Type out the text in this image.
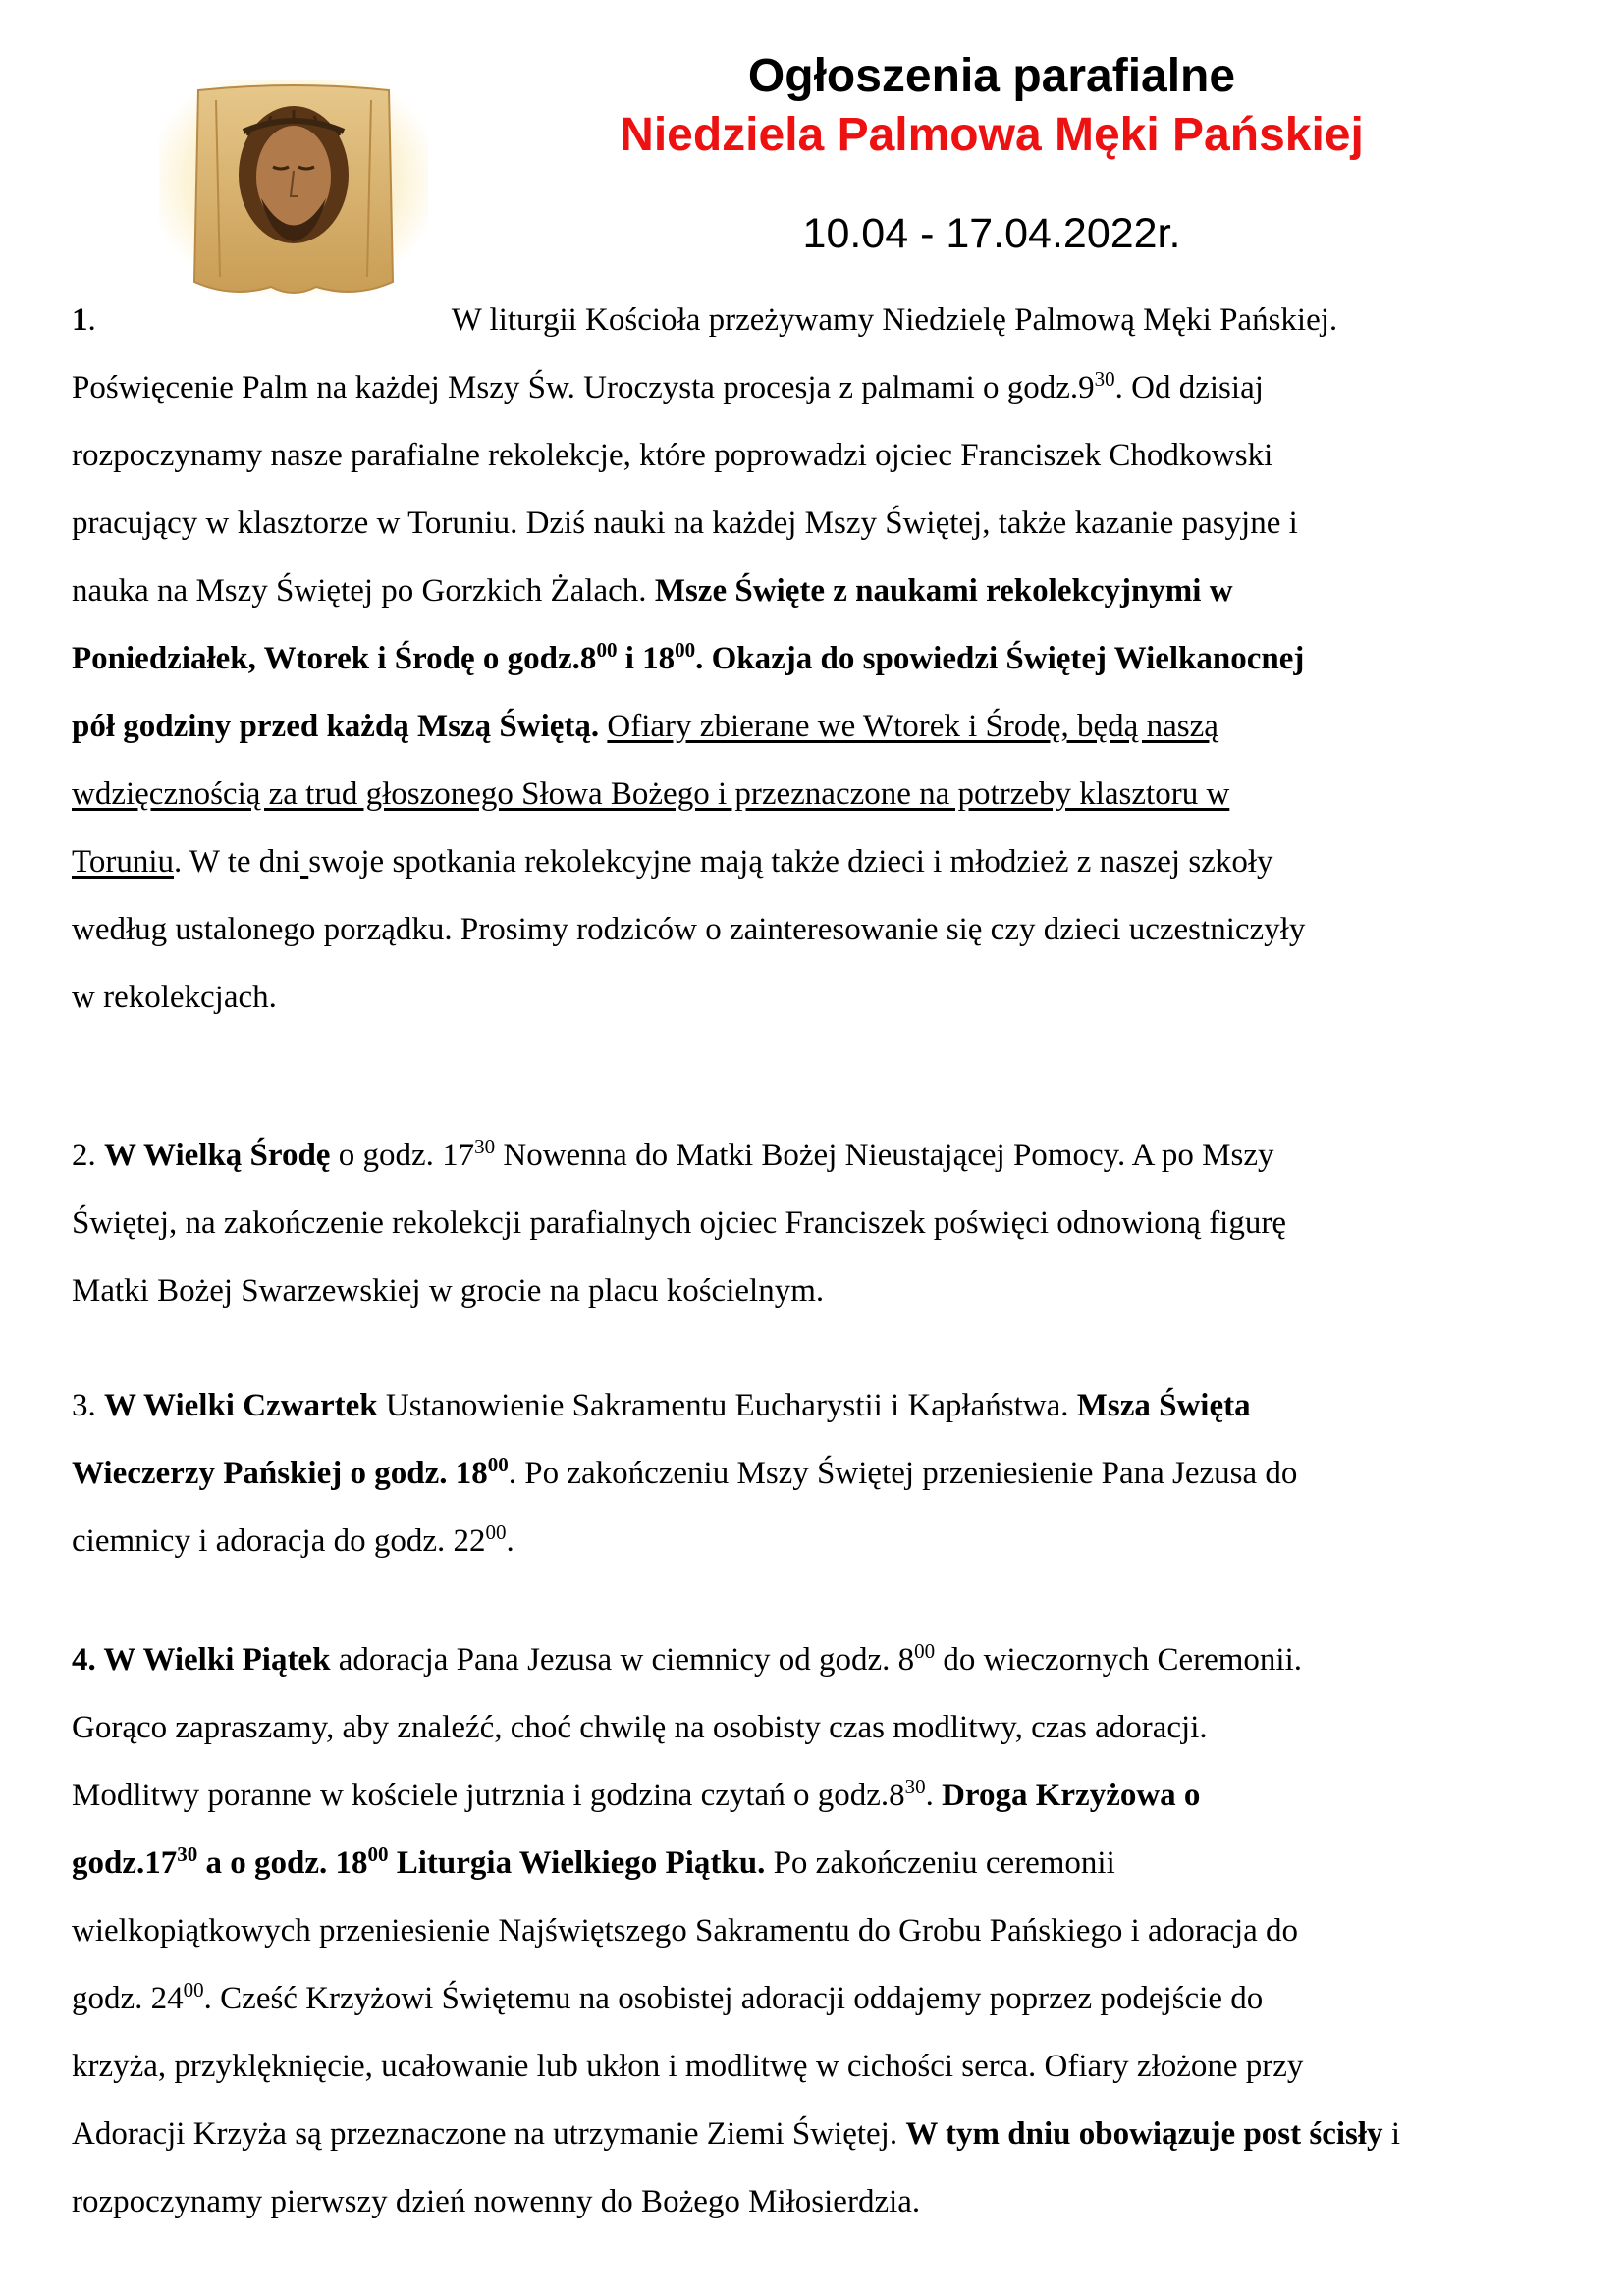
Ogłoszenia parafialne
Niedziela Palmowa Męki Pańskiej
10.04 - 17.04.2022r.
1.	W liturgii Kościoła przeżywamy Niedzielę Palmową Męki Pańskiej.
Poświęcenie Palm na każdej Mszy Św. Uroczysta procesja z palmami o $godz.9^{30}$. Od dzisiaj
rozpoczynamy nasze parafialne rekolekcje, które poprowadzi ojciec Franciszek Chodkowski
pracujący w klasztorze w Toruniu. Dziś nauki na każdej Mszy Świętej, także kazanie pasyjne i
nauka na Mszy Świętej po Gorzkich Żalach. Msze Święte z naukami rekolekcyjnymi w
Poniedziałek, Wtorek i Środę o $godz.8^{00}$ i $18^{00}$. Okazja do spowiedzi Świętej Wielkanocnej
pół godziny przed każdą Mszą Świętą. Ofiary zbierane we Wtorek i Środę, będą naszą
wdzięcznością za trud głoszonego Słowa Bożego i przeznaczone na potrzeby klasztoru w
Toruniu. W te dni swoje spotkania rekolekcyjne mają także dzieci i młodzież z naszej szkoły
według ustalonego porządku. Prosimy rodziców o zainteresowanie się czy dzieci uczestniczyły
w rekolekcjach.
2. W Wielką Środę o godz. $17^{30}$ Nowenna do Matki Bożej Nieustającej Pomocy. A po Mszy
Świętej, na zakończenie rekolekcji parafialnych ojciec Franciszek poświęci odnowioną figurę
Matki Bożej Swarzewskiej w grocie na placu kościelnym.
3. W Wielki Czwartek Ustanowienie Sakramentu Eucharystii i Kapłaństwa. Msza Święta
Wieczerzy Pańskiej o godz. $18^{00}$. Po zakończeniu Mszy Świętej przeniesienie Pana Jezusa do
ciemnicy i adoracja do godz. $22^{00}$.
4. W Wielki Piątek adoracja Pana Jezusa w ciemnicy od godz. $8^{00}$ do wieczornych Ceremonii.
Gorąco zapraszamy, aby znaleźć, choć chwilę na osobisty czas modlitwy, czas adoracji.
Modlitwy poranne w kościele jutrznia i godzina czytań o $godz.8^{30}$. Droga Krzyżowa o
$godz.17^{30}$ a o godz. $18^{00}$ Liturgia Wielkiego Piątku. Po zakończeniu ceremonii
wielkopiątkowych przeniesienie Najświętszego Sakramentu do Grobu Pańskiego i adoracja do
godz. $24^{00}$. Cześć Krzyżowi Świętemu na osobistej adoracji oddajemy poprzez podejście do
krzyża, przyklęknięcie, ucałowanie lub ukłon i modlitwę w cichości serca. Ofiary złożone przy
Adoracji Krzyża są przeznaczone na utrzymanie Ziemi Świętej. W tym dniu obowiązuje post ścisły i
rozpoczynamy pierwszy dzień nowenny do Bożego Miłosierdzia.
